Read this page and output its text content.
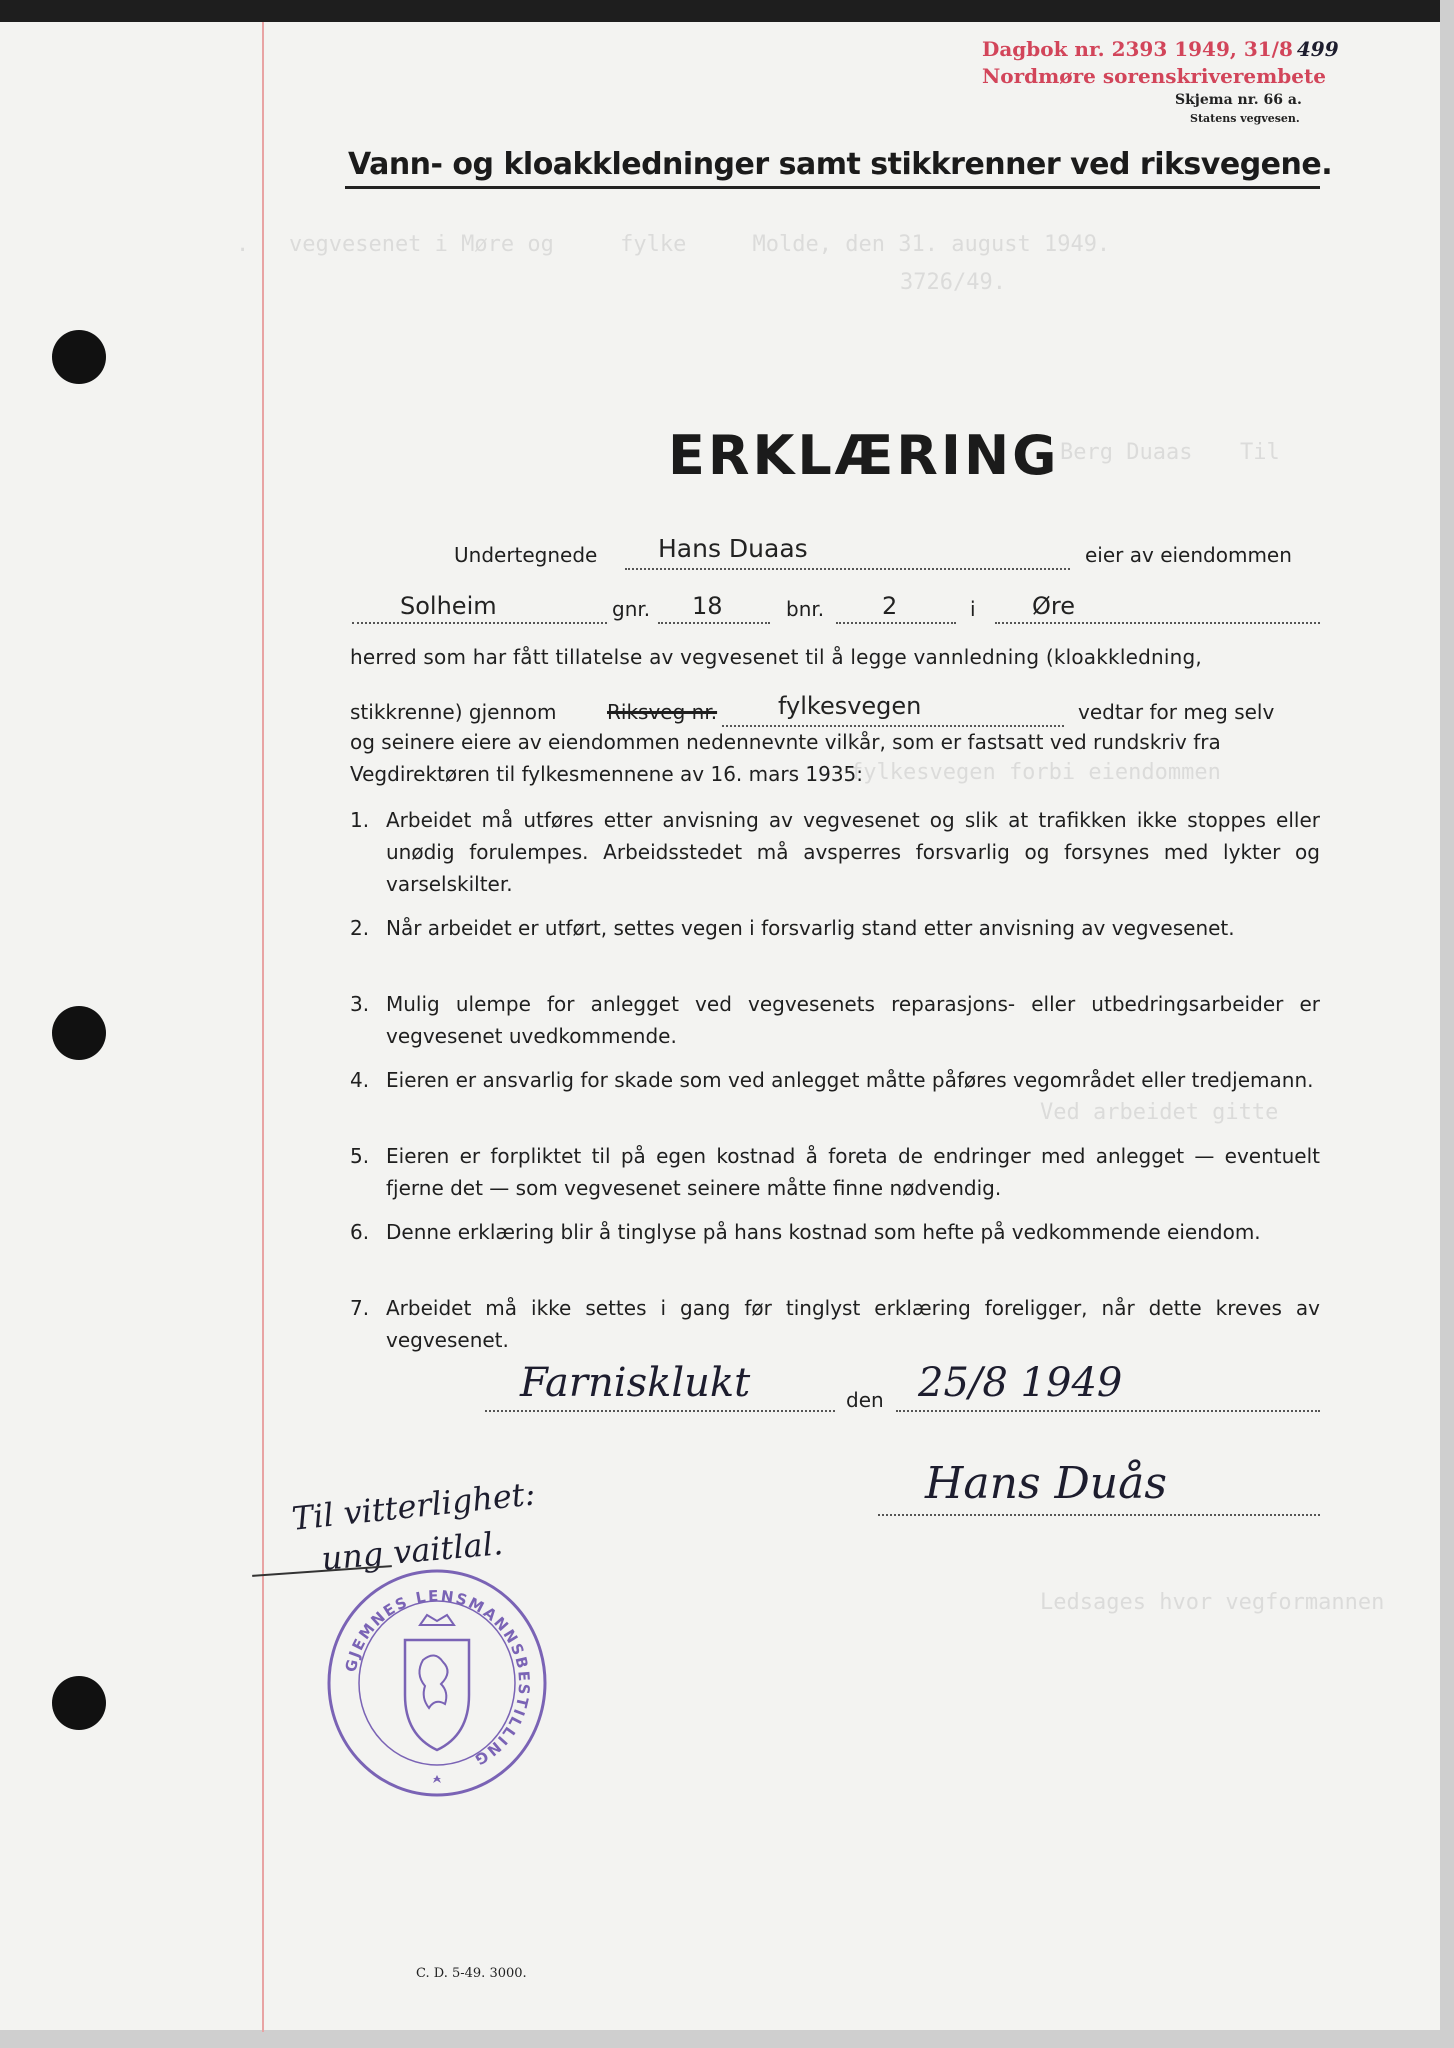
.   vegvesenet i Møre og     fylke     Molde, den 31. august 1949.
3726/49.
Til
Berg Duaas
fylkesvegen forbi eiendommen
Ved arbeidet gitte
Ledsages hvor vegformannen
Dagbok nr. 2393 1949, 31/8 499
Nordmøre sorenskriverembete
Skjema nr. 66 a.
Statens vegvesen.
Vann- og kloakkledninger samt stikkrenner ved riksvegene.
ERKLÆRING
Undertegnede Hans Duaas	eier av eiendommen
Solheim	gnr. 18	bnr. 2	i Øre
herred som har fått tillatelse av vegvesenet til å legge vannledning (kloakkledning,
stikkrenne) gjennom	Riksveg nr.	fylkesvegen	vedtar for meg selv
og seinere eiere av eiendommen nedennevnte vilkår, som er fastsatt ved rundskriv fra
Vegdirektøren til fylkesmennene av 16. mars 1935:
1. Arbeidet må utføres etter anvisning av vegvesenet og slik at trafikken ikke stoppes eller unødig forulempes. Arbeidsstedet må avsperres forsvarlig og forsynes med lykter og varselskilter.
2. Når arbeidet er utført, settes vegen i forsvarlig stand etter anvisning av vegvesenet.
3. Mulig ulempe for anlegget ved vegvesenets reparasjons- eller utbedringsarbeider er vegvesenet uvedkommende.
4. Eieren er ansvarlig for skade som ved anlegget måtte påføres vegområdet eller tredjemann.
5. Eieren er forpliktet til på egen kostnad å foreta de endringer med anlegget — eventuelt fjerne det — som vegvesenet seinere måtte finne nødvendig.
6. Denne erklæring blir å tinglyse på hans kostnad som hefte på vedkommende eiendom.
7. Arbeidet må ikke settes i gang før tinglyst erklæring foreligger, når dette kreves av vegvesenet.
Farnisklukt	den 25/8 1949
Hans Duås
Til vitterlighet:
ung vaitlal.
GJEMNES LENSMANNSBESTILLING
C. D. 5-49. 3000.
